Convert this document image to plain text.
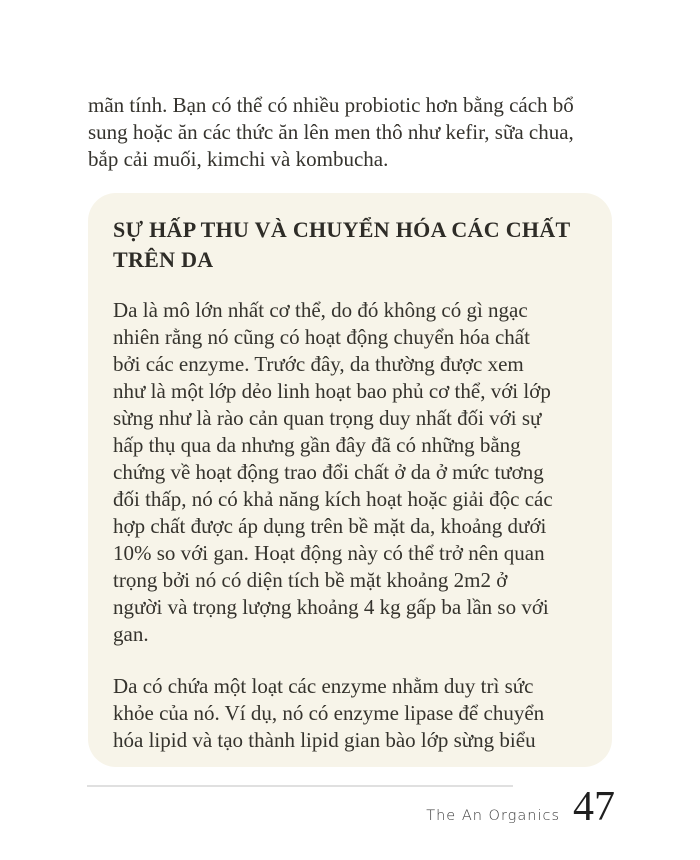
mãn tính. Bạn có thể có nhiều probiotic hơn bằng cách bổ
sung hoặc ăn các thức ăn lên men thô như kefir, sữa chua,
bắp cải muối, kimchi và kombucha.
SỰ HẤP THU VÀ CHUYỂN HÓA CÁC CHẤT
TRÊN DA

Da là mô lớn nhất cơ thể, do đó không có gì ngạc
nhiên rằng nó cũng có hoạt động chuyển hóa chất
bởi các enzyme. Trước đây, da thường được xem
như là một lớp dẻo linh hoạt bao phủ cơ thể, với lớp
sừng như là rào cản quan trọng duy nhất đối với sự
hấp thụ qua da nhưng gần đây đã có những bằng
chứng về hoạt động trao đổi chất ở da ở mức tương
đối thấp, nó có khả năng kích hoạt hoặc giải độc các
hợp chất được áp dụng trên bề mặt da, khoảng dưới
10% so với gan. Hoạt động này có thể trở nên quan
trọng bởi nó có diện tích bề mặt khoảng 2m2 ở
người và trọng lượng khoảng 4 kg gấp ba lần so với
gan.

Da có chứa một loạt các enzyme nhằm duy trì sức
khỏe của nó. Ví dụ, nó có enzyme lipase để chuyển
hóa lipid và tạo thành lipid gian bào lớp sừng biểu

The An Organics 47
